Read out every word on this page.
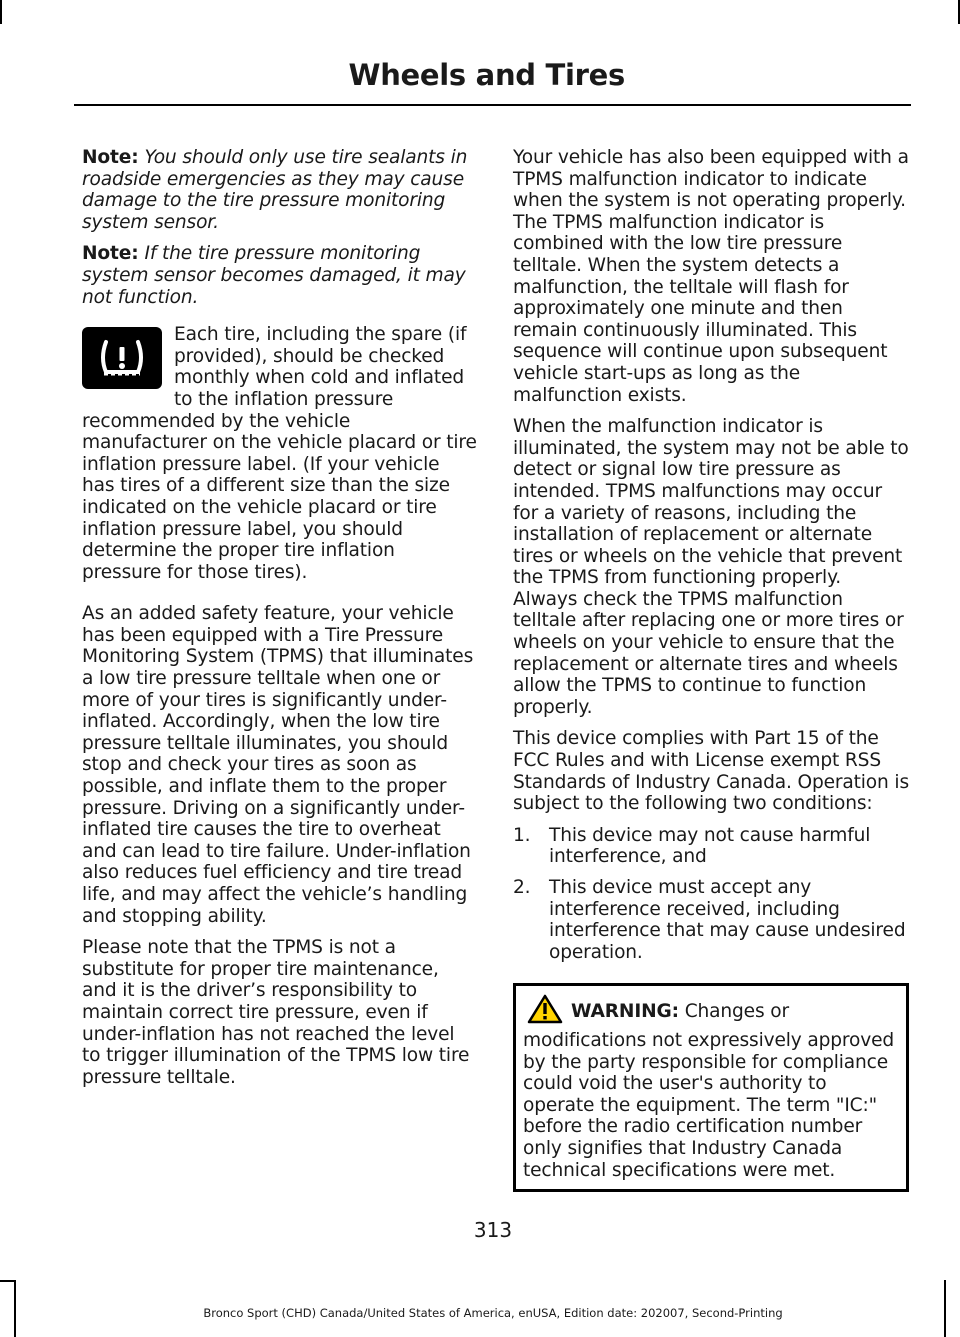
Wheels and Tires

Note: You should only use tire sealants in roadside emergencies as they may cause damage to the tire pressure monitoring system sensor.

Note: If the tire pressure monitoring system sensor becomes damaged, it may not function.

Each tire, including the spare (if provided), should be checked monthly when cold and inflated to the inflation pressure recommended by the vehicle manufacturer on the vehicle placard or tire inflation pressure label. (If your vehicle has tires of a different size than the size indicated on the vehicle placard or tire inflation pressure label, you should determine the proper tire inflation pressure for those tires).

As an added safety feature, your vehicle has been equipped with a Tire Pressure Monitoring System (TPMS) that illuminates a low tire pressure telltale when one or more of your tires is significantly under-inflated. Accordingly, when the low tire pressure telltale illuminates, you should stop and check your tires as soon as possible, and inflate them to the proper pressure. Driving on a significantly under-inflated tire causes the tire to overheat and can lead to tire failure. Under-inflation also reduces fuel efficiency and tire tread life, and may affect the vehicle’s handling and stopping ability.

Please note that the TPMS is not a substitute for proper tire maintenance, and it is the driver’s responsibility to maintain correct tire pressure, even if under-inflation has not reached the level to trigger illumination of the TPMS low tire pressure telltale.

Your vehicle has also been equipped with a TPMS malfunction indicator to indicate when the system is not operating properly. The TPMS malfunction indicator is combined with the low tire pressure telltale. When the system detects a malfunction, the telltale will flash for approximately one minute and then remain continuously illuminated. This sequence will continue upon subsequent vehicle start-ups as long as the malfunction exists.

When the malfunction indicator is illuminated, the system may not be able to detect or signal low tire pressure as intended. TPMS malfunctions may occur for a variety of reasons, including the installation of replacement or alternate tires or wheels on the vehicle that prevent the TPMS from functioning properly. Always check the TPMS malfunction telltale after replacing one or more tires or wheels on your vehicle to ensure that the replacement or alternate tires and wheels allow the TPMS to continue to function properly.

This device complies with Part 15 of the FCC Rules and with License exempt RSS Standards of Industry Canada. Operation is subject to the following two conditions:

1. This device may not cause harmful interference, and
2. This device must accept any interference received, including interference that may cause undesired operation.
WARNING: Changes or modifications not expressively approved by the party responsible for compliance could void the user's authority to operate the equipment. The term "IC:" before the radio certification number only signifies that Industry Canada technical specifications were met.
313
Bronco Sport (CHD) Canada/United States of America, enUSA, Edition date: 202007, Second-Printing
